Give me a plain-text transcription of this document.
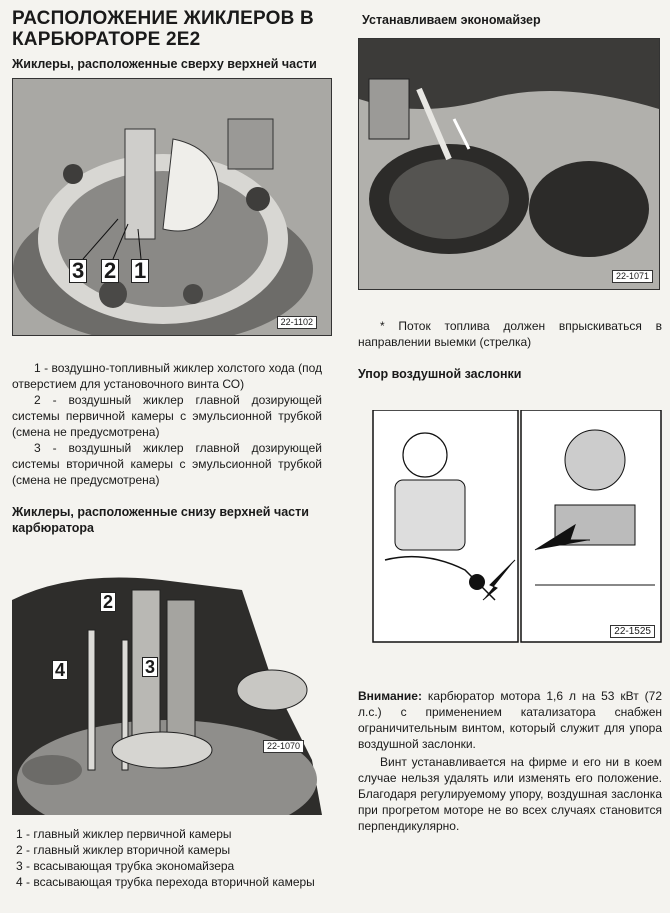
РАСПОЛОЖЕНИЕ ЖИКЛЕРОВ В
КАРБЮРАТОРЕ 2Е2
Жиклеры, расположенные сверху верхней части
3 2 1
22-1102

1 - воздушно-топливный жиклер холстого хода (под отверстием для установочного винта СО)

2 - воздушный жиклер главной дозирующей системы первичной камеры с эмульсионной трубкой (смена не предусмотрена)

3 - воздушный жиклер главной дозирующей системы вторичной камеры с эмульсионной трубкой (смена не предусмотрена)

Жиклеры, расположенные снизу верхней части
карбюратора
2
4	3
22-1070

1 - главный жиклер первичной камеры

2 - главный жиклер вторичной камеры

3 - всасывающая трубка экономайзера

4 - всасывающая трубка перехода вторичной камеры

Устанавливаем экономайзер
22-1071
* Поток топлива должен впрыскиваться в направлении выемки (стрелка)
Упор воздушной заслонки
22-1525
Внимание: карбюратор мотора 1,6 л на 53 кВт (72 л.с.) с применением катализатора снабжен ограничительным винтом, который служит для упора воздушной заслонки.
Винт устанавливается на фирме и его ни в коем случае нельзя удалять или изменять его положение. Благодаря регулируемому упору, воздушная заслонка при прогретом моторе не во всех случаях становится перпендикулярно.
